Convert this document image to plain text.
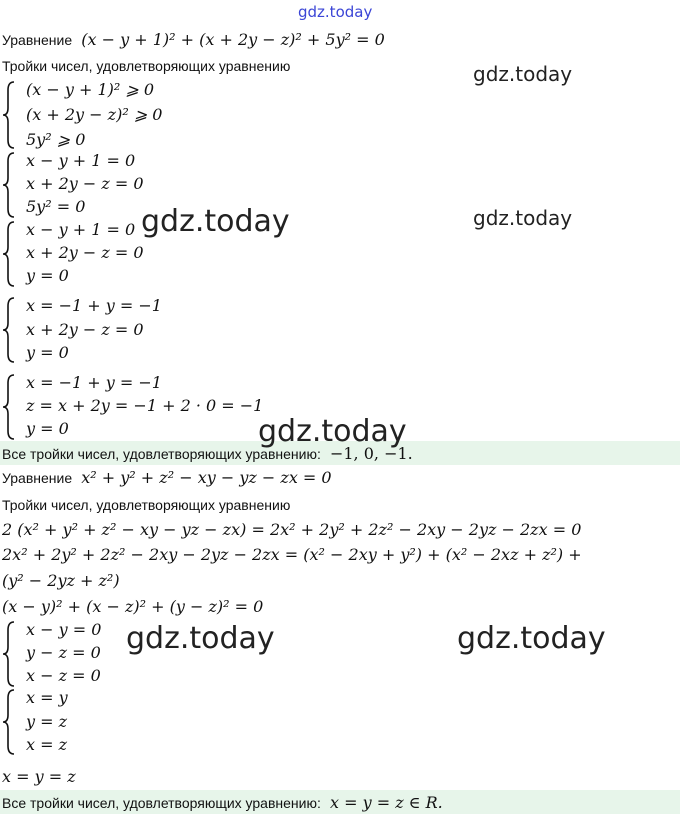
gdz.today
Уравнение (x − y + 1)² + (x + 2y − z)² + 5y² = 0
Тройки чисел, удовлетворяющих уравнению
(x − y + 1)² ⩾ 0
(x + 2y − z)² ⩾ 0
5y² ⩾ 0
x − y + 1 = 0
x + 2y − z = 0
5y² = 0
x − y + 1 = 0
x + 2y − z = 0
y = 0
x = −1 + y = −1
x + 2y − z = 0
y = 0
x = −1 + y = −1
z = x + 2y = −1 + 2 · 0 = −1
y = 0
Все тройки чисел, удовлетворяющих уравнению: −1, 0, −1.
Уравнение x² + y² + z² − xy − yz − zx = 0
Тройки чисел, удовлетворяющих уравнению
2 (x² + y² + z² − xy − yz − zx) = 2x² + 2y² + 2z² − 2xy − 2yz − 2zx = 0
2x² + 2y² + 2z² − 2xy − 2yz − 2zx = (x² − 2xy + y²) + (x² − 2xz + z²) +
(y² − 2yz + z²)
(x − y)² + (x − z)² + (y − z)² = 0
x − y = 0
y − z = 0
x − z = 0
x = y
y = z
x = z
x = y = z
Все тройки чисел, удовлетворяющих уравнению: x = y = z ∈ R.
gdz.today
gdz.today
gdz.today
gdz.today
gdz.today	gdz.today
